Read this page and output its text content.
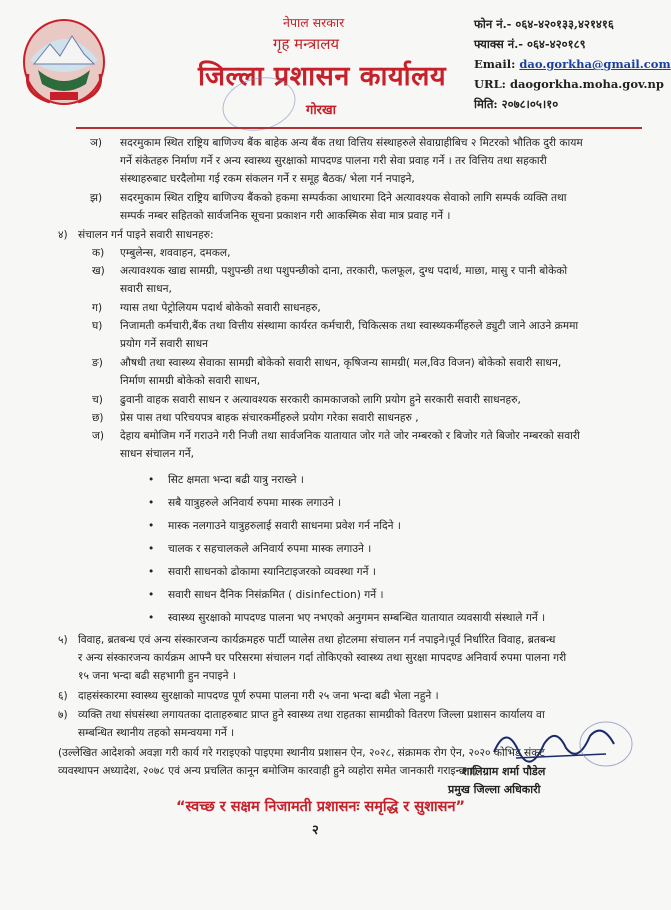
नेपाल सरकार
गृह मन्त्रालय
जिल्ला प्रशासन कार्यालय
गोरखा
फोन नं.- ०६४-४२०१३३,४२१४१६
फ्याक्स नं.- ०६४-४२०१८९
Email: dao.gorkha@gmail.com
URL: daogorkha.moha.gov.np
मिति: २०७८।०५।१०
ञ) सदरमुकाम स्थित राष्ट्रिय बाणिज्य बैंक बाहेक अन्य बैंक तथा वित्तिय संस्थाहरुले सेवाग्राहीबिच २ मिटरको भौतिक दुरी कायम
गर्ने संकेतहरु निर्माण गर्ने र अन्य स्वास्थ्य सुरक्षाको मापदण्ड पालना गरी सेवा प्रवाह गर्ने । तर वित्तिय तथा सहकारी
संस्थाहरुबाट घरदैलोमा गई रकम संकलन गर्ने र समूह बैठक/ भेला गर्न नपाइने,
झ) सदरमुकाम स्थित राष्ट्रिय बाणिज्य बैंकको हकमा सम्पर्कका आधारमा दिने अत्यावश्यक सेवाको लागि सम्पर्क व्यक्ति तथा
सम्पर्क नम्बर सहितको सार्वजनिक सूचना प्रकाशन गरी आकस्मिक सेवा मात्र प्रवाह गर्ने ।
४) संचालन गर्न पाइने सवारी साधनहरु:
क) एम्बुलेन्स, शववाहन, दमकल,
ख) अत्यावश्यक खाद्य सामग्री, पशुपन्छी तथा पशुपन्छीको दाना, तरकारी, फलफूल, दुग्ध पदार्थ, माछा, मासु र पानी बोकेको
सवारी साधन,
ग) ग्यास तथा पेट्रोलियम पदार्थ बोकेको सवारी साधनहरु,
घ) निजामती कर्मचारी,बैंक तथा वित्तीय संस्थामा कार्यरत कर्मचारी, चिकित्सक तथा स्वास्थ्यकर्मीहरुले ड्युटी जाने आउने क्रममा
प्रयोग गर्ने सवारी साधन
ङ) औषधी तथा स्वास्थ्य सेवाका सामग्री बोकेको सवारी साधन, कृषिजन्य सामग्री( मल,विउ विजन) बोकेको सवारी साधन,
निर्माण सामग्री बोकेको सवारी साधन,
च) ढुवानी वाहक सवारी साधन र अत्यावश्यक सरकारी कामकाजको लागि प्रयोग हुने सरकारी सवारी साधनहरु,
छ) प्रेस पास तथा परिचयपत्र बाहक संचारकर्मीहरुले प्रयोग गरेका सवारी साधनहरु ,
ज) देहाय बमोजिम गर्ने गराउने गरी निजी तथा सार्वजनिक यातायात जोर गते जोर नम्बरको र बिजोर गते बिजोर नम्बरको सवारी
साधन संचालन गर्ने,
• सिट क्षमता भन्दा बढी यात्रु नराख्ने ।
• सबै यात्रुहरुले अनिवार्य रुपमा मास्क लगाउने ।
• मास्क नलगाउने यात्रुहरुलाई सवारी साधनमा प्रवेश गर्न नदिने ।
• चालक र सहचालकले अनिवार्य रुपमा मास्क लगाउने ।
• सवारी साधनको ढोकामा स्यानिटाइजरको व्यवस्था गर्ने ।
• सवारी साधन दैनिक निसंक्रमित ( disinfection) गर्ने ।
• स्वास्थ्य सुरक्षाको मापदण्ड पालना भए नभएको अनुगमन सम्बन्धित यातायात व्यवसायी संस्थाले गर्ने ।
५) विवाह, ब्रतबन्ध एवं अन्य संस्कारजन्य कार्यक्रमहरु पार्टी प्यालेस तथा होटलमा संचालन गर्न नपाइने।पूर्व निर्धारित विवाह, ब्रतबन्ध
र अन्य संस्कारजन्य कार्यक्रम आफ्नै घर परिसरमा संचालन गर्दा तोकिएको स्वास्थ्य तथा सुरक्षा मापदण्ड अनिवार्य रुपमा पालना गरी
१५ जना भन्दा बढी सहभागी हुन नपाइने ।
६) दाहसंस्कारमा स्वास्थ्य सुरक्षाको मापदण्ड पूर्ण रुपमा पालना गरी २५ जना भन्दा बढी भेला नहुने ।
७) व्यक्ति तथा संघसंस्था लगायतका दाताहरुबाट प्राप्त हुने स्वास्थ्य तथा राहतका सामग्रीको वितरण जिल्ला प्रशासन कार्यालय वा
सम्बन्धित स्थानीय तहको समन्वयमा गर्ने ।
(उल्लेखित आदेशको अवज्ञा गरी कार्य गरे गराइएको पाइएमा स्थानीय प्रशासन ऐन, २०२८, संक्रामक रोग ऐन, २०२० कोभिड संकट
व्यवस्थापन अध्यादेश, २०७८ एवं अन्य प्रचलित कानून बमोजिम कारवाही हुने व्यहोरा समेत जानकारी गराइन्छ ।)
शालिग्राम शर्मा पौडेल
प्रमुख जिल्ला अधिकारी
“स्वच्छ र सक्षम निजामती प्रशासनः समृद्धि र सुशासन”
२
